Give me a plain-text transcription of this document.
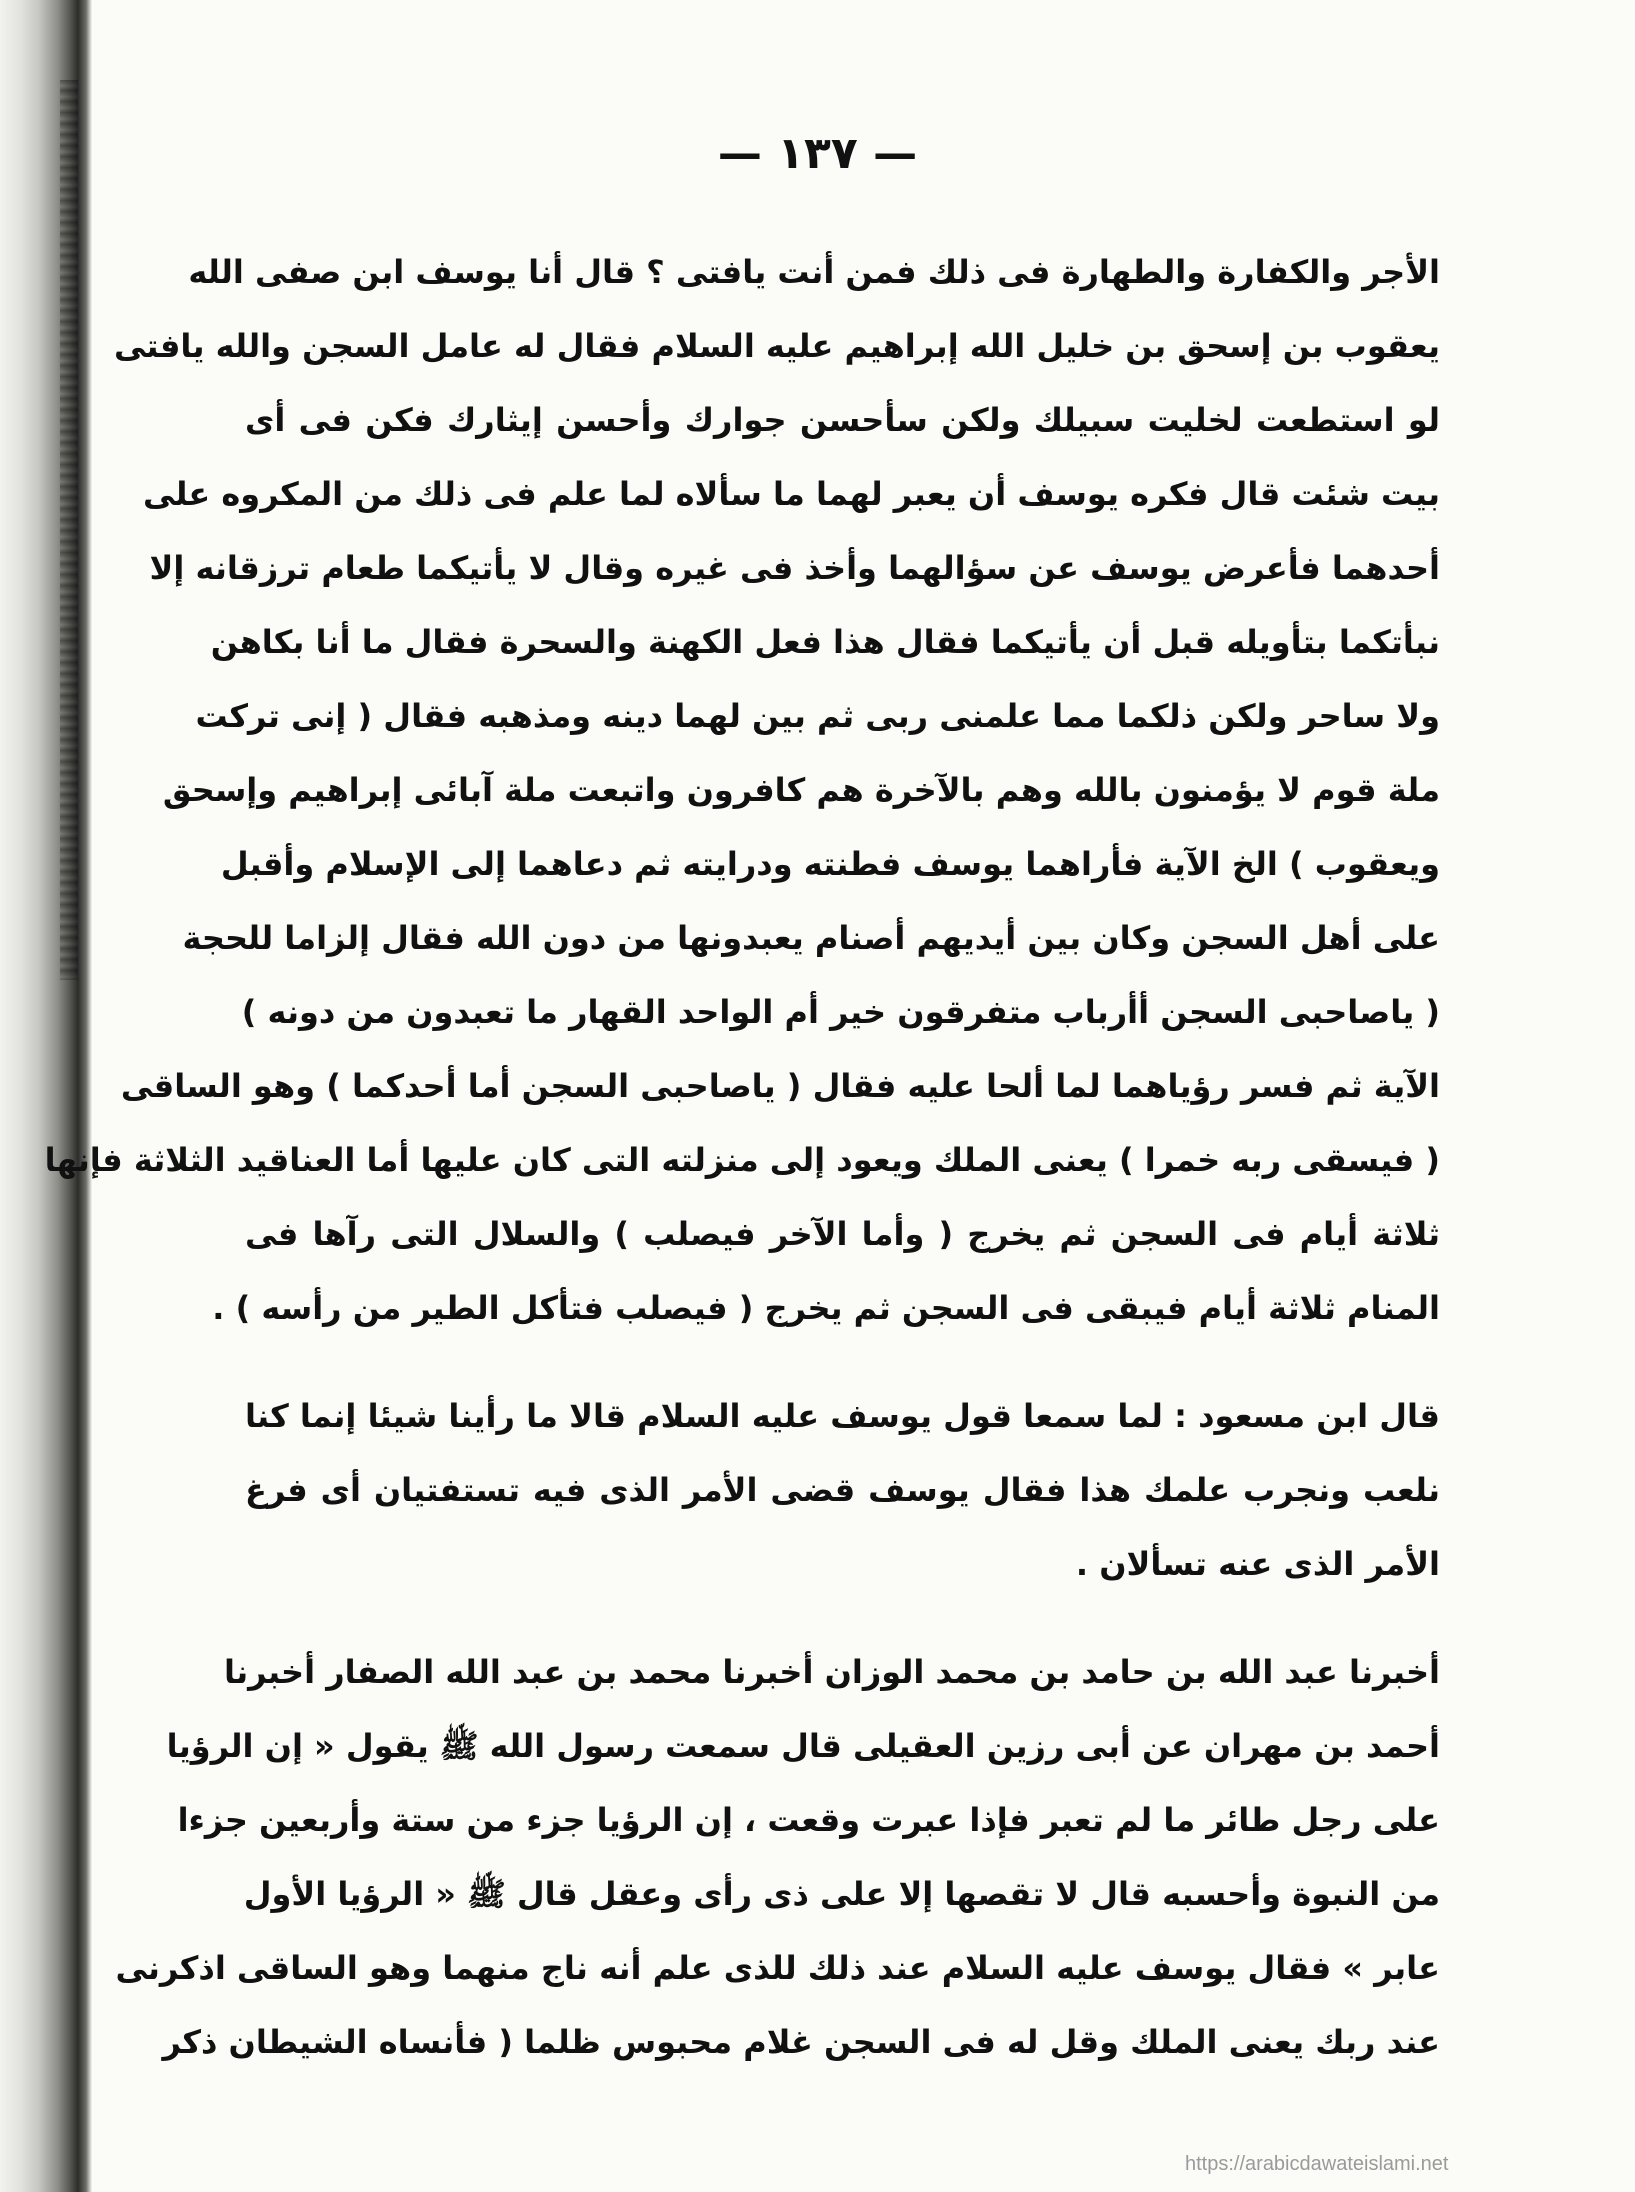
— ١٣٧ —
الأجر والكفارة والطهارة فى ذلك فمن أنت يافتى ؟ قال أنا يوسف ابن صفى الله
يعقوب بن إسحق بن خليل الله إبراهيم عليه السلام فقال له عامل السجن والله يافتى
لو استطعت لخليت سبيلك ولكن سأحسن جوارك وأحسن إيثارك فكن فى أى
بيت شئت قال فكره يوسف أن يعبر لهما ما سألاه لما علم فى ذلك من المكروه على
أحدهما فأعرض يوسف عن سؤالهما وأخذ فى غيره وقال لا يأتيكما طعام ترزقانه إلا
نبأتكما بتأويله قبل أن يأتيكما فقال هذا فعل الكهنة والسحرة فقال ما أنا بكاهن
ولا ساحر ولكن ذلكما مما علمنى ربى ثم بين لهما دينه ومذهبه فقال ( إنى تركت
ملة قوم لا يؤمنون بالله وهم بالآخرة هم كافرون واتبعت ملة آبائى إبراهيم وإسحق
ويعقوب ) الخ الآية فأراهما يوسف فطنته ودرايته ثم دعاهما إلى الإسلام وأقبل
على أهل السجن وكان بين أيديهم أصنام يعبدونها من دون الله فقال إلزاما للحجة
( ياصاحبى السجن أأرباب متفرقون خير أم الواحد القهار ما تعبدون من دونه )
الآية ثم فسر رؤياهما لما ألحا عليه فقال ( ياصاحبى السجن أما أحدكما ) وهو الساقى
( فيسقى ربه خمرا ) يعنى الملك ويعود إلى منزلته التى كان عليها أما العناقيد الثلاثة فإنها
ثلاثة أيام فى السجن ثم يخرج ( وأما الآخر فيصلب ) والسلال التى رآها فى
المنام ثلاثة أيام فيبقى فى السجن ثم يخرج ( فيصلب فتأكل الطير من رأسه ) .
قال ابن مسعود : لما سمعا قول يوسف عليه السلام قالا ما رأينا شيئا إنما كنا
نلعب ونجرب علمك هذا فقال يوسف قضى الأمر الذى فيه تستفتيان أى فرغ
الأمر الذى عنه تسألان .
أخبرنا عبد الله بن حامد بن محمد الوزان أخبرنا محمد بن عبد الله الصفار أخبرنا
أحمد بن مهران عن أبى رزين العقيلى قال سمعت رسول الله ﷺ يقول « إن الرؤيا
على رجل طائر ما لم تعبر فإذا عبرت وقعت ، إن الرؤيا جزء من ستة وأربعين جزءا
من النبوة وأحسبه قال لا تقصها إلا على ذى رأى وعقل قال ﷺ « الرؤيا الأول
عابر » فقال يوسف عليه السلام عند ذلك للذى علم أنه ناج منهما وهو الساقى اذكرنى
عند ربك يعنى الملك وقل له فى السجن غلام محبوس ظلما ( فأنساه الشيطان ذكر
https://arabicdawateislami.net
